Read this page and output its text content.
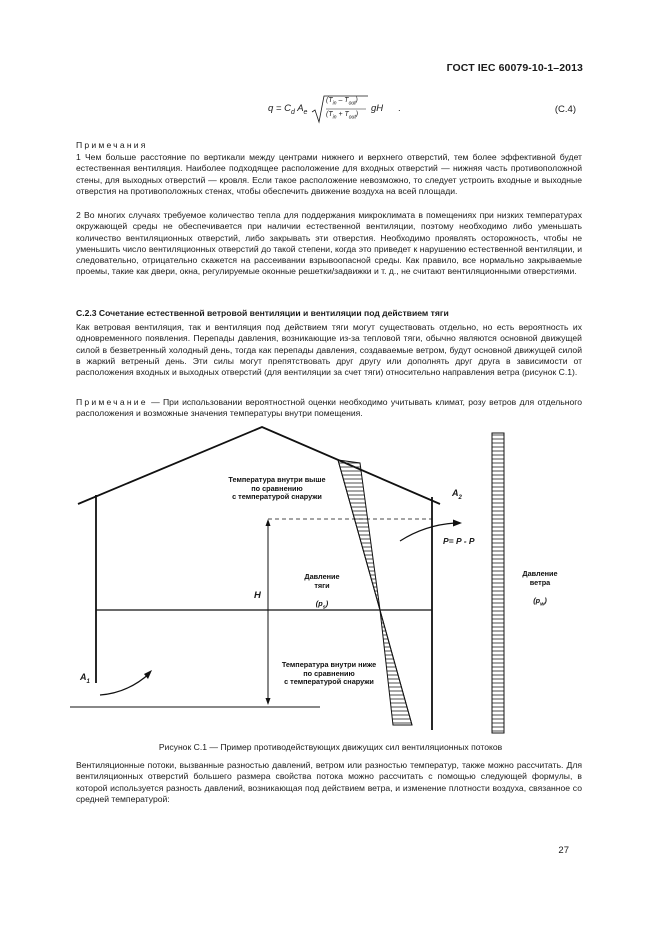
ГОСТ IEC 60079-10-1–2013
$q = C_d$ $A_e$
$(T_{in} - T_{out})$
$(T_{in} + T_{out})$
gH .	(С.4)
Примечания
1 Чем больше расстояние по вертикали между центрами нижнего и верхнего отверстий, тем более эффективной будет естественная вентиляция. Наиболее подходящее расположение для входных отверстий — нижняя часть противоположной стены, для выходных отверстий — кровля. Если такое расположение невозможно, то следует устроить входные и выходные отверстия на противоположных стенах, чтобы обеспечить движение воздуха на всей площади.
2 Во многих случаях требуемое количество тепла для поддержания микроклимата в помещениях при низких температурах окружающей среды не обеспечивается при наличии естественной вентиляции, поэтому необходимо либо уменьшать количество вентиляционных отверстий, либо закрывать эти отверстия. Необходимо проявлять осторожность, чтобы не уменьшить число вентиляционных отверстий до такой степени, когда это приведет к нарушению естественной вентиляции, и следовательно, отрицательно скажется на рассеивании взрывоопасной среды. Как правило, все нормально закрываемые проемы, такие как двери, окна, регулируемые оконные решетки/задвижки и т. д., не считают вентиляционными отверстиями.
С.2.3 Сочетание естественной ветровой вентиляции и вентиляции под действием тяги
Как ветровая вентиляция, так и вентиляция под действием тяги могут существовать отдельно, но есть вероятность их одновременного появления. Перепады давления, возникающие из-за тепловой тяги, обычно являются основной движущей силой в безветренный холодный день, тогда как перепады давления, создаваемые ветром, будут основной движущей силой в жаркий ветреный день. Эти силы могут препятствовать друг другу или дополнять друг друга в зависимости от расположения входных и выходных отверстий (для вентиляции за счет тяги) относительно направления ветра (рисунок С.1).
Примечание — При использовании вероятностной оценки необходимо учитывать климат, розу ветров для отдельного расположения и возможные значения температуры внутри помещения.
Температура внутри выше
по сравнению
с температурой снаружи	$A_2$
P= P - P
Давление
тяги
$(p_s)$
H
Давление
ветра
$(p_w)$
Температура внутри ниже
по сравнению
с температурой снаружи
$A_1$
Рисунок С.1 — Пример противодействующих движущих сил вентиляционных потоков
Вентиляционные потоки, вызванные разностью давлений, ветром или разностью температур, также можно рассчитать. Для вентиляционных отверстий большего размера свойства потока можно рассчитать с помощью следующей формулы, в которой используется разность давлений, возникающая под действием ветра, и изменение плотности воздуха, связанное со средней температурой:
27
